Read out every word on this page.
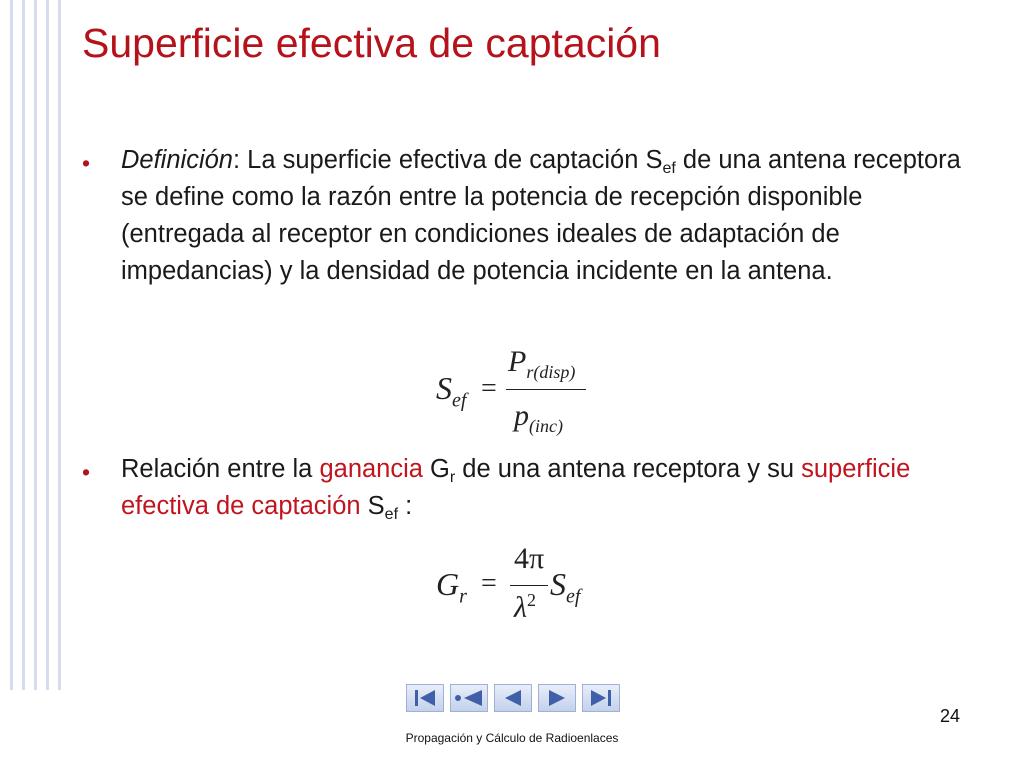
Superficie efectiva de captación
• Definición: La superficie efectiva de captación $S_{ef}$ de una antena receptora se define como la razón entre la potencia de recepción disponible (entregada al receptor en condiciones ideales de adaptación de impedancias) y la densidad de potencia incidente en la antena.
$S_{ef}$ =
$P_{r(disp)}$
$p_{(inc)}$
• Relación entre la ganancia $G_r$ de una antena receptora y su superficie efectiva de captación $S_{ef}$ :
$G_r$ =
4π
$\lambda^2$ $S_{ef}$
24
Propagación y Cálculo de Radioenlaces
